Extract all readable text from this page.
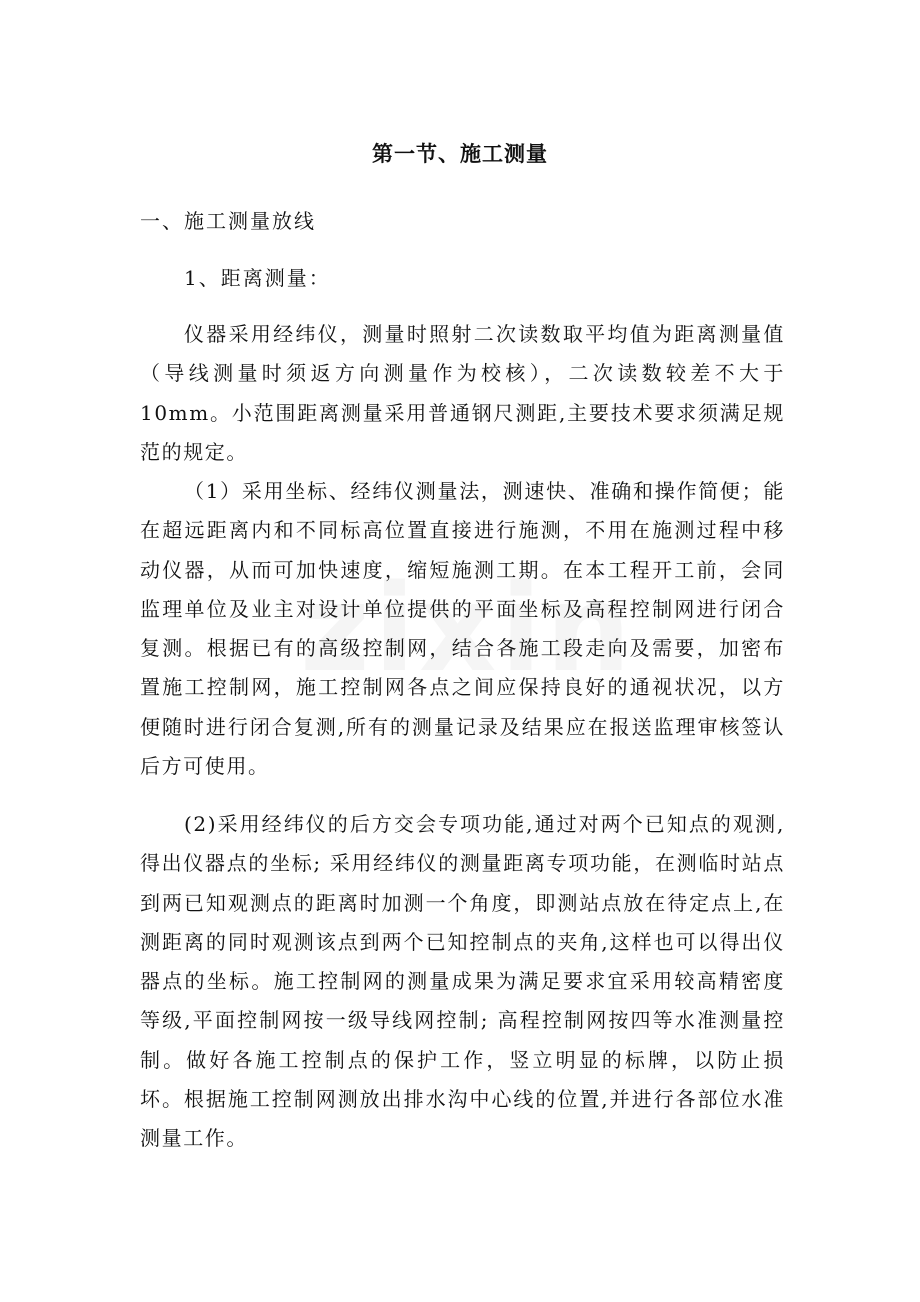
第一节、施工测量
一、施工测量放线
1、距离测量：

仪器采用经纬仪，测量时照射二次读数取平均值为距离测量值（导线测量时须返方向测量作为校核），二次读数较差不大于10mm。小范围距离测量采用普通钢尺测距,主要技术要求须满足规范的规定。

（1）采用坐标、经纬仪测量法，测速快、准确和操作简便；能在超远距离内和不同标高位置直接进行施测，不用在施测过程中移动仪器，从而可加快速度，缩短施测工期。在本工程开工前，会同监理单位及业主对设计单位提供的平面坐标及高程控制网进行闭合复测。根据已有的高级控制网，结合各施工段走向及需要，加密布置施工控制网，施工控制网各点之间应保持良好的通视状况，以方便随时进行闭合复测,所有的测量记录及结果应在报送监理审核签认后方可使用。

(2)采用经纬仪的后方交会专项功能,通过对两个已知点的观测,得出仪器点的坐标; 采用经纬仪的测量距离专项功能，在测临时站点到两已知观测点的距离时加测一个角度，即测站点放在待定点上,在测距离的同时观测该点到两个已知控制点的夹角,这样也可以得出仪器点的坐标。施工控制网的测量成果为满足要求宜采用较高精密度等级,平面控制网按一级导线网控制; 高程控制网按四等水准测量控制。做好各施工控制点的保护工作，竖立明显的标牌，以防止损坏。根据施工控制网测放出排水沟中心线的位置,并进行各部位水准测量工作。
